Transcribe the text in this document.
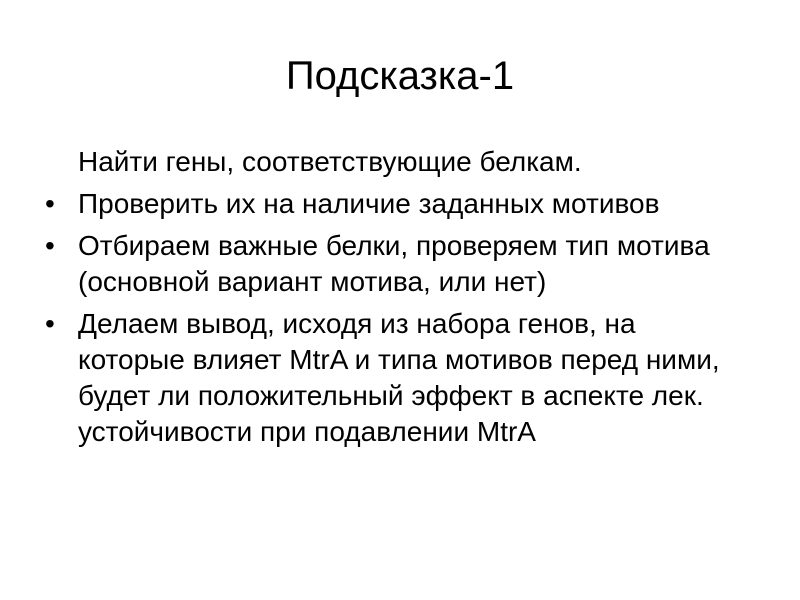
Подсказка-1
Найти гены, соответствующие белкам.
• Проверить их на наличие заданных мотивов
• Отбираем важные белки, проверяем тип мотива (основной вариант мотива, или нет)
• Делаем вывод, исходя из набора генов, на которые влияет MtrA и типа мотивов перед ними, будет ли положительный эффект в аспекте лек. устойчивости при подавлении MtrA
